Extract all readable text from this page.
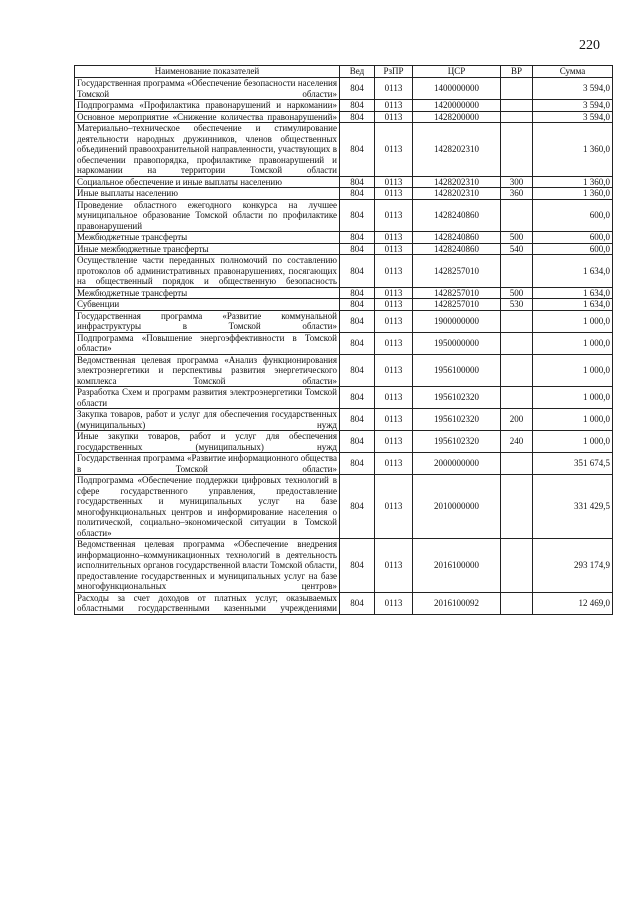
220
Наименование показателей	Вед	РзПР	ЦСР	ВР	Сумма
Государственная программа «Обеспечение безопасности населения Томской области»	804	0113	1400000000		3 594,0
Подпрограмма «Профилактика правонарушений и наркомании»	804	0113	1420000000		3 594,0
Основное мероприятие «Снижение количества правонарушений»	804	0113	1428200000		3 594,0
Материально–техническое обеспечение и стимулирование деятельности народных дружинников, членов общественных объединений правоохранительной направленности, участвующих в обеспечении правопорядка, профилактике правонарушений и наркомании на территории Томской области	804	0113	1428202310		1 360,0
Социальное обеспечение и иные выплаты населению	804	0113	1428202310	300	1 360,0
Иные выплаты населению	804	0113	1428202310	360	1 360,0
Проведение областного ежегодного конкурса на лучшее муниципальное образование Томской области по профилактике правонарушений	804	0113	1428240860		600,0
Межбюджетные трансферты	804	0113	1428240860	500	600,0
Иные межбюджетные трансферты	804	0113	1428240860	540	600,0
Осуществление части переданных полномочий по составлению протоколов об административных правонарушениях, посягающих на общественный порядок и общественную безопасность	804	0113	1428257010		1 634,0
Межбюджетные трансферты	804	0113	1428257010	500	1 634,0
Субвенции	804	0113	1428257010	530	1 634,0
Государственная программа «Развитие коммунальной инфраструктуры в Томской области»	804	0113	1900000000		1 000,0
Подпрограмма «Повышение энергоэффективности в Томской области»	804	0113	1950000000		1 000,0
Ведомственная целевая программа «Анализ функционирования электроэнергетики и перспективы развития энергетического комплекса Томской области»	804	0113	1956100000		1 000,0
Разработка Схем и программ развития электроэнергетики Томской области	804	0113	1956102320		1 000,0
Закупка товаров, работ и услуг для обеспечения государственных (муниципальных) нужд	804	0113	1956102320	200	1 000,0
Иные закупки товаров, работ и услуг для обеспечения государственных (муниципальных) нужд	804	0113	1956102320	240	1 000,0
Государственная программа «Развитие информационного общества в Томской области»	804	0113	2000000000		351 674,5
Подпрограмма «Обеспечение поддержки цифровых технологий в сфере государственного управления, предоставление государственных и муниципальных услуг на базе многофункциональных центров и информирование населения о политической, социально–экономической ситуации в Томской области»	804	0113	2010000000		331 429,5
Ведомственная целевая программа «Обеспечение внедрения информационно–коммуникационных технологий в деятельность исполнительных органов государственной власти Томской области, предоставление государственных и муниципальных услуг на базе многофункциональных центров»	804	0113	2016100000		293 174,9
Расходы за счет доходов от платных услуг, оказываемых областными государственными казенными учреждениями	804	0113	2016100092		12 469,0
